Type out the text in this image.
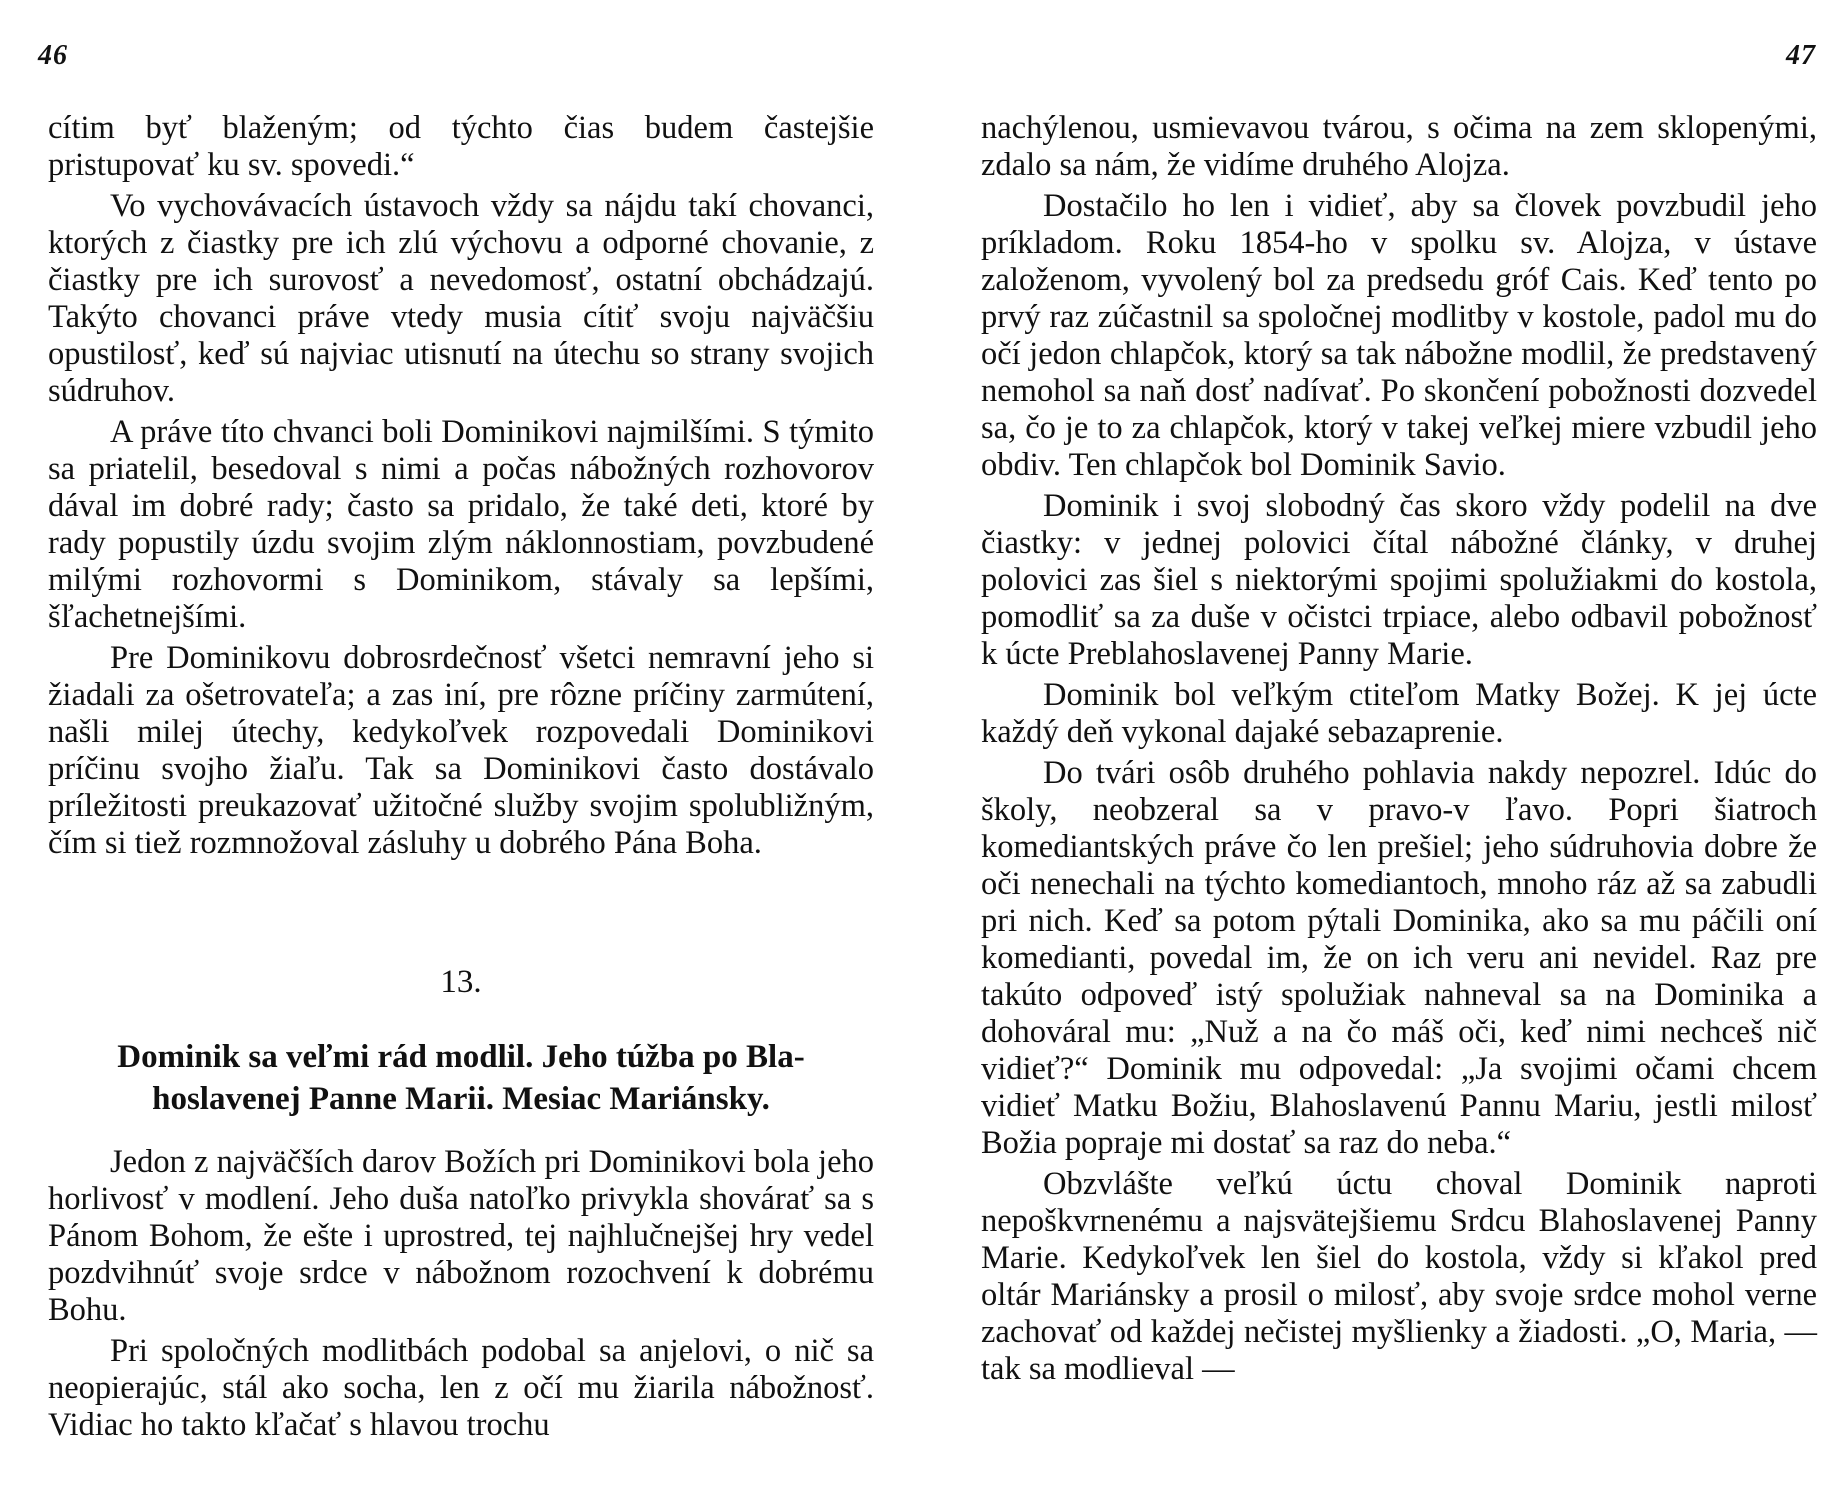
46

cítim byť blaženým; od týchto čias budem častejšie pristupovať ku sv. spovedi.“

Vo vychovávacích ústavoch vždy sa nájdu takí chovanci, ktorých z čiastky pre ich zlú výchovu a odporné chovanie, z čiastky pre ich surovosť a nevedomosť, ostatní obchádzajú. Takýto chovanci práve vtedy musia cítiť svoju najväčšiu opustilosť, keď sú najviac utisnutí na útechu so strany svojich súdruhov.

A práve títo chvanci boli Dominikovi najmilšími. S týmito sa priatelil, besedoval s nimi a počas nábožných rozhovorov dával im dobré rady; často sa pridalo, že také deti, ktoré by rady popustily úzdu svojim zlým náklonnostiam, povzbudené milými rozhovormi s Dominikom, stávaly sa lepšími, šľachetnejšími.

Pre Dominikovu dobrosrdečnosť všetci nemravní jeho si žiadali za ošetrovateľa; a zas iní, pre rôzne príčiny zarmútení, našli milej útechy, kedykoľvek rozpovedali Dominikovi príčinu svojho žiaľu. Tak sa Dominikovi často dostávalo príležitosti preukazovať užitočné služby svojim spolubližným, čím si tiež rozmnožoval zásluhy u dobrého Pána Boha.

13.
Dominik sa veľmi rád modlil. Jeho túžba po Bla-
hoslavenej Panne Marii. Mesiac Mariánsky.

Jedon z najväčších darov Božích pri Dominikovi bola jeho horlivosť v modlení. Jeho duša natoľko privykla shovárať sa s Pánom Bohom, že ešte i uprostred, tej najhlučnejšej hry vedel pozdvihnúť svoje srdce v nábožnom rozochvení k dobrému Bohu.

Pri spoločných modlitbách podobal sa anjelovi, o nič sa neopierajúc, stál ako socha, len z očí mu žiarila nábožnosť. Vidiac ho takto kľačať s hlavou trochu

47

nachýlenou, usmievavou tvárou, s očima na zem sklopenými, zdalo sa nám, že vidíme druhého Alojza.

Dostačilo ho len i vidieť, aby sa človek povzbudil jeho príkladom. Roku 1854-ho v spolku sv. Alojza, v ústave založenom, vyvolený bol za predsedu gróf Cais. Keď tento po prvý raz zúčastnil sa spoločnej modlitby v kostole, padol mu do očí jedon chlapčok, ktorý sa tak nábožne modlil, že predstavený nemohol sa naň dosť nadívať. Po skončení pobožnosti dozvedel sa, čo je to za chlapčok, ktorý v takej veľkej miere vzbudil jeho obdiv. Ten chlapčok bol Dominik Savio.

Dominik i svoj slobodný čas skoro vždy podelil na dve čiastky: v jednej polovici čítal nábožné články, v druhej polovici zas šiel s niektorými spojimi spolužiakmi do kostola, pomodliť sa za duše v očistci trpiace, alebo odbavil pobožnosť k úcte Preblahoslavenej Panny Marie.

Dominik bol veľkým ctiteľom Matky Božej. K jej úcte každý deň vykonal dajaké sebazaprenie.

Do tvári osôb druhého pohlavia nakdy nepozrel. Idúc do školy, neobzeral sa v pravo-v ľavo. Popri šiatroch komediantských práve čo len prešiel; jeho súdruhovia dobre že oči nenechali na týchto komediantoch, mnoho ráz až sa zabudli pri nich. Keď sa potom pýtali Dominika, ako sa mu páčili oní komedianti, povedal im, že on ich veru ani nevidel. Raz pre takúto odpoveď istý spolužiak nahneval sa na Dominika a dohováral mu: „Nuž a na čo máš oči, keď nimi nechceš nič vidieť?“ Dominik mu odpovedal: „Ja svojimi očami chcem vidieť Matku Božiu, Blahoslavenú Pannu Mariu, jestli milosť Božia popraje mi dostať sa raz do neba.“

Obzvlášte veľkú úctu choval Dominik naproti nepoškvrnenému a najsvätejšiemu Srdcu Blahoslavenej Panny Marie. Kedykoľvek len šiel do kostola, vždy si kľakol pred oltár Mariánsky a prosil o milosť, aby svoje srdce mohol verne zachovať od každej nečistej myšlienky a žiadosti. „O, Maria, — tak sa modlieval —
